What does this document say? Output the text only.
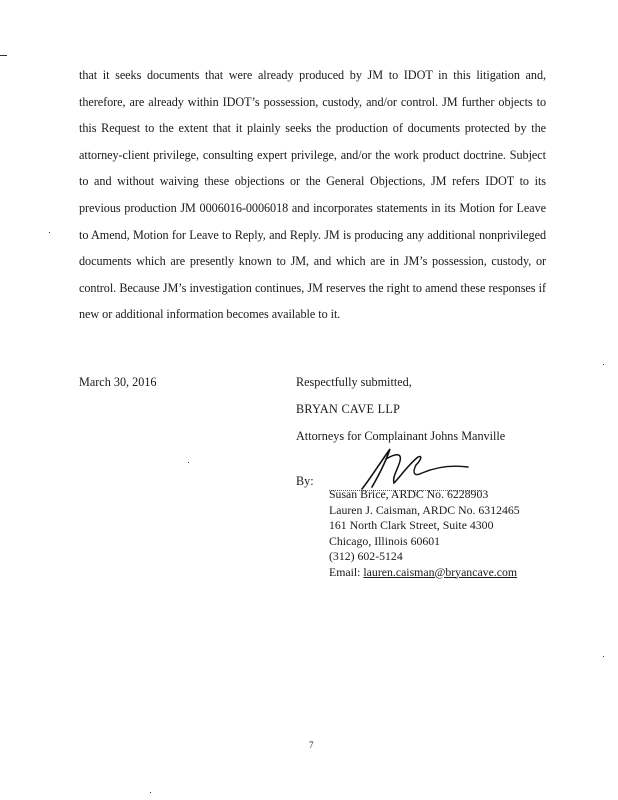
that it seeks documents that were already produced by JM to IDOT in this litigation and,
therefore, are already within IDOT’s possession, custody, and/or control. JM further objects to
this Request to the extent that it plainly seeks the production of documents protected by the
attorney-client privilege, consulting expert privilege, and/or the work product doctrine. Subject
to and without waiving these objections or the General Objections, JM refers IDOT to its
previous production JM 0006016-0006018 and incorporates statements in its Motion for Leave
to Amend, Motion for Leave to Reply, and Reply. JM is producing any additional nonprivileged
documents which are presently known to JM, and which are in JM’s possession, custody, or
control. Because JM’s investigation continues, JM reserves the right to amend these responses if
new or additional information becomes available to it.

March 30, 2016	Respectfully submitted,
BRYAN CAVE LLP
Attorneys for Complainant Johns Manville
By:
Susan Brice, ARDC No. 6228903
Lauren J. Caisman, ARDC No. 6312465
161 North Clark Street, Suite 4300
Chicago, Illinois 60601
(312) 602-5124
Email: lauren.caisman@bryancave.com

7
